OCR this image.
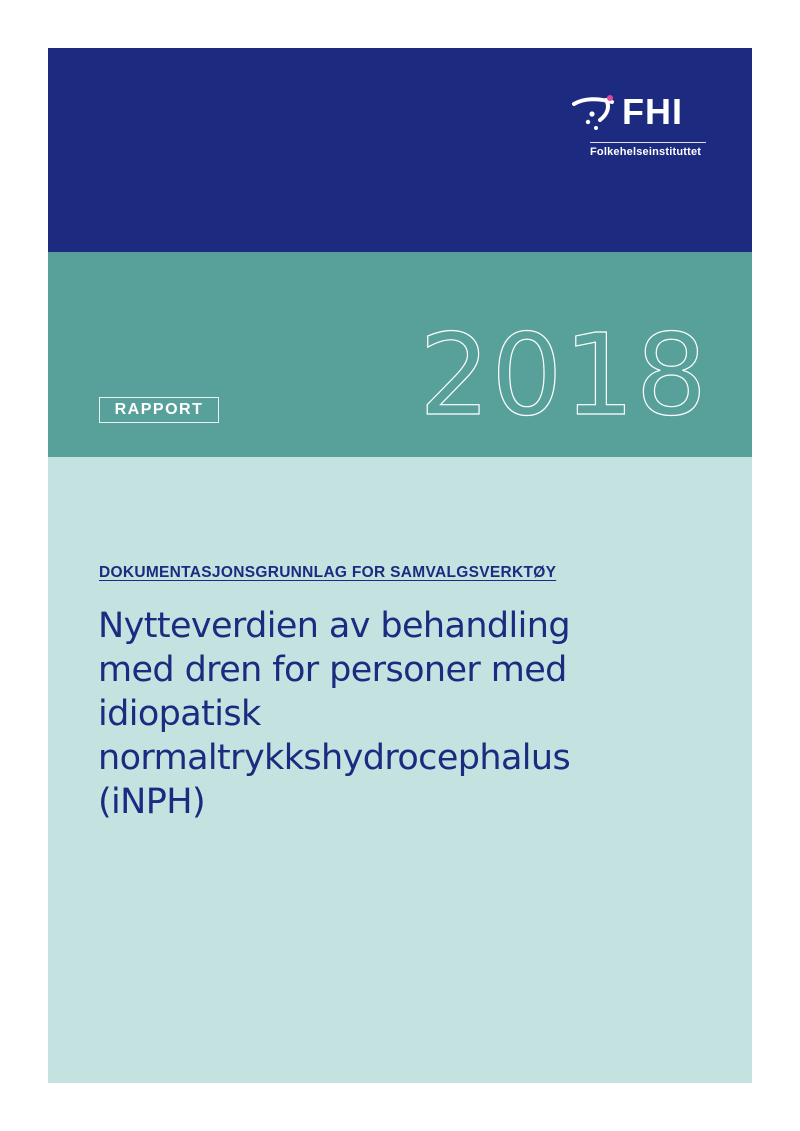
FHI
Folkehelseinstituttet
RAPPORT 2018
DOKUMENTASJONSGRUNNLAG FOR SAMVALGSVERKTØY
Nytteverdien av behandling
med dren for personer med
idiopatisk
normaltrykkshydrocephalus
(iNPH)
